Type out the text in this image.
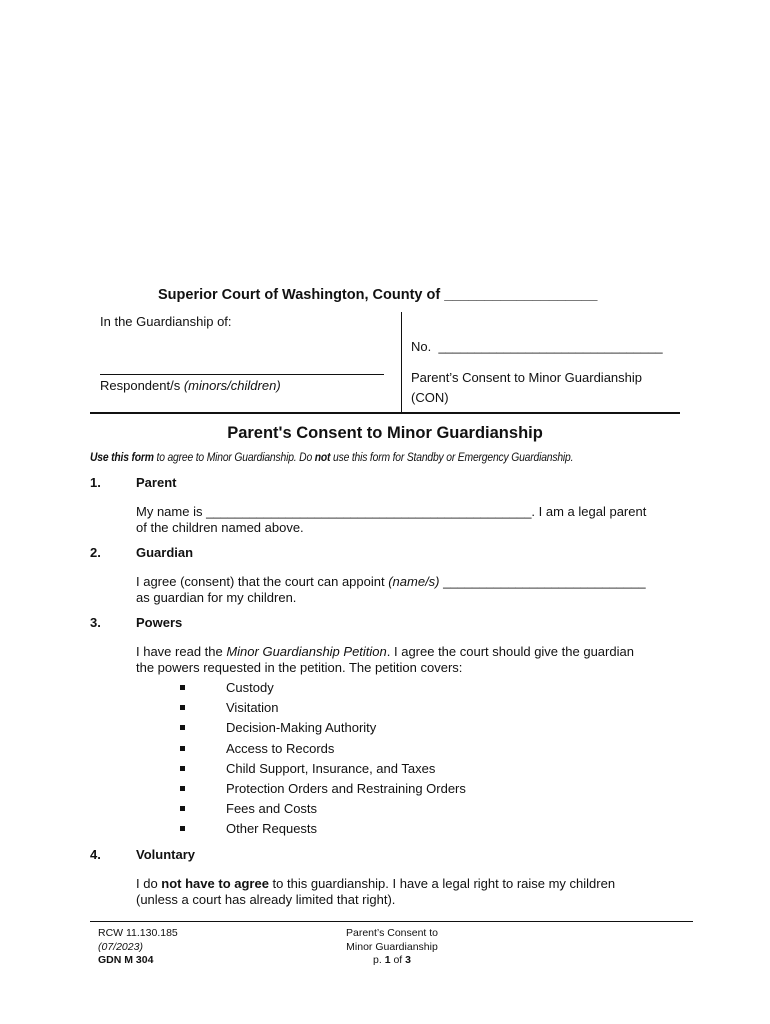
Superior Court of Washington, County of ___________________
In the Guardianship of:
Respondent/s (minors/children)
No.  _______________________________
Parent’s Consent to Minor Guardianship (CON)
Parent's Consent to Minor Guardianship
Use this form to agree to Minor Guardianship. Do not use this form for Standby or Emergency Guardianship.
1.	Parent
My name is _____________________________________________. I am a legal parent
of the children named above.
2.	Guardian
I agree (consent) that the court can appoint (name/s) ____________________________
as guardian for my children.
3.	Powers
I have read the Minor Guardianship Petition. I agree the court should give the guardian
the powers requested in the petition. The petition covers:
Custody
Visitation
Decision-Making Authority
Access to Records
Child Support, Insurance, and Taxes
Protection Orders and Restraining Orders
Fees and Costs
Other Requests
4.	Voluntary
I do not have to agree to this guardianship. I have a legal right to raise my children
(unless a court has already limited that right).
RCW 11.130.185
(07/2023)
GDN M 304
Parent’s Consent to
Minor Guardianship
p. 1 of 3
